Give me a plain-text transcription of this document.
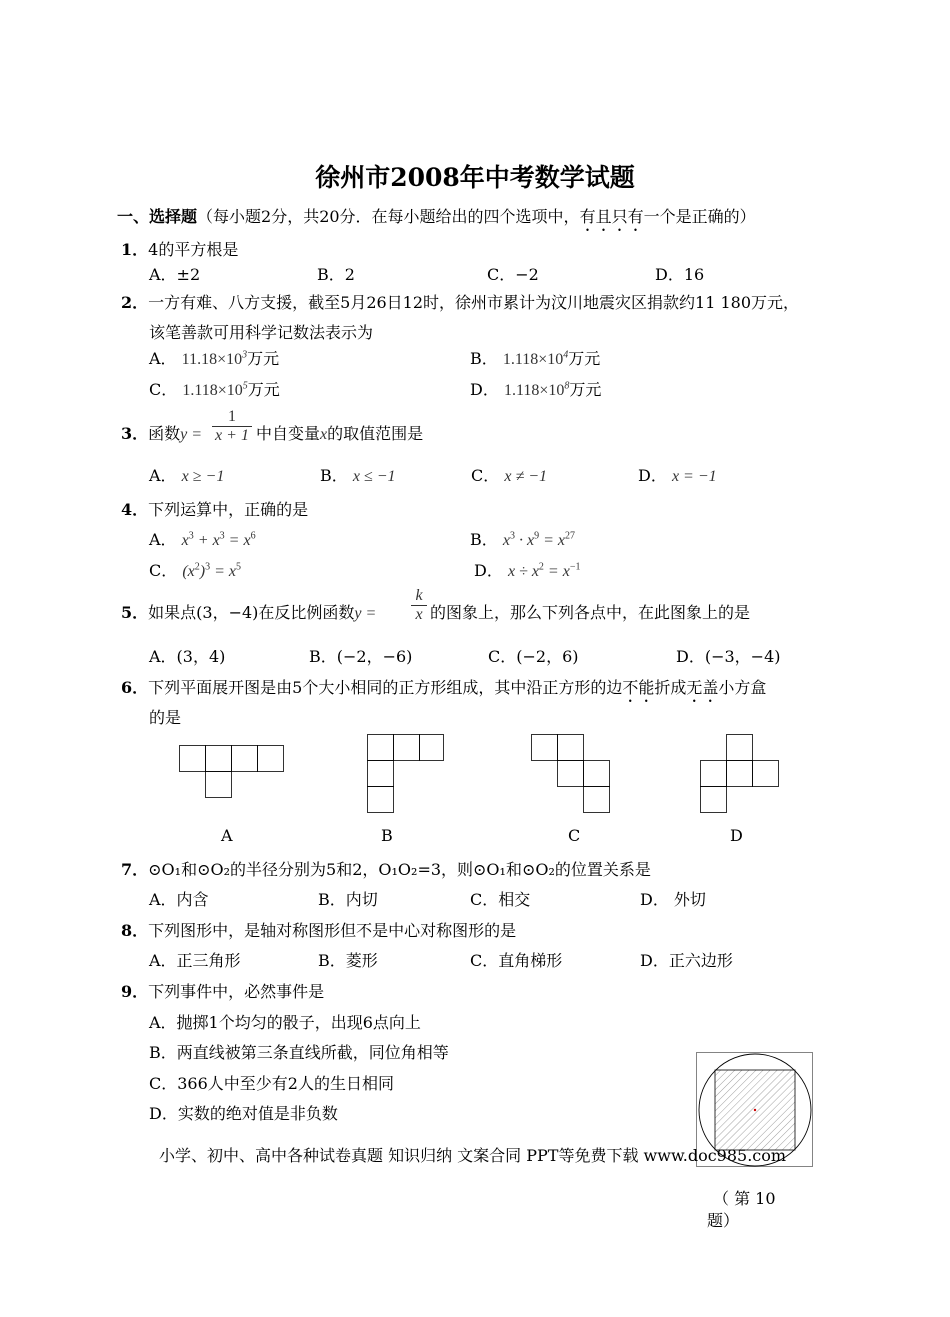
徐州市2008年中考数学试题
一、选择题（每小题2分，共20分．在每小题给出的四个选项中，有且只有一个是正确的）
1．4的平方根是
A．±2	B．2	C．−2	D．16
2．一方有难、八方支援，截至5月26日12时，徐州市累计为汶川地震灾区捐款约11 180万元，
该笔善款可用科学记数法表示为
A． $11.18\times 10^3$万元	B． $1.118\times 10^4$万元
C． $1.118\times 10^5$万元	D． $1.118\times 10^8$万元
3．函数$y = \frac{1}{x + 1}$ 中自变量x的取值范围是
A． x ≥ −1	B． x ≤ −1	C． x ≠ −1	D． x = −1
4．下列运算中，正确的是
A． $x^3 + x^3 = x^6$	B． $x^3 \cdot x^9 = x^{27}$
C． $(x^2)^3 = x^5$	D． $x \div x^2 = x^{-1}$
5．如果点(3，−4)在反比例函数$y = \frac{k}{x}$ 的图象上，那么下列各点中，在此图象上的是
A．(3，4)	B．(−2，−6)	C．(−2，6)	D．(−3，−4)
6．下列平面展开图是由5个大小相同的正方形组成，其中沿正方形的边不能折成无盖小方盒
的是
A	B	C	D
7．⊙O₁和⊙O₂的半径分别为5和2，O₁O₂=3，则⊙O₁和⊙O₂的位置关系是
A．内含	B．内切	C．相交	D． 外切
8．下列图形中，是轴对称图形但不是中心对称图形的是
A．正三角形	B．菱形	C．直角梯形	D．正六边形
9．下列事件中，必然事件是
A．抛掷1个均匀的骰子，出现6点向上
B．两直线被第三条直线所截，同位角相等
C．366人中至少有2人的生日相同
D．实数的绝对值是非负数
小学、初中、高中各种试卷真题 知识归纳 文案合同 PPT等免费下载 www.doc985.com
（ 第 10
题）
